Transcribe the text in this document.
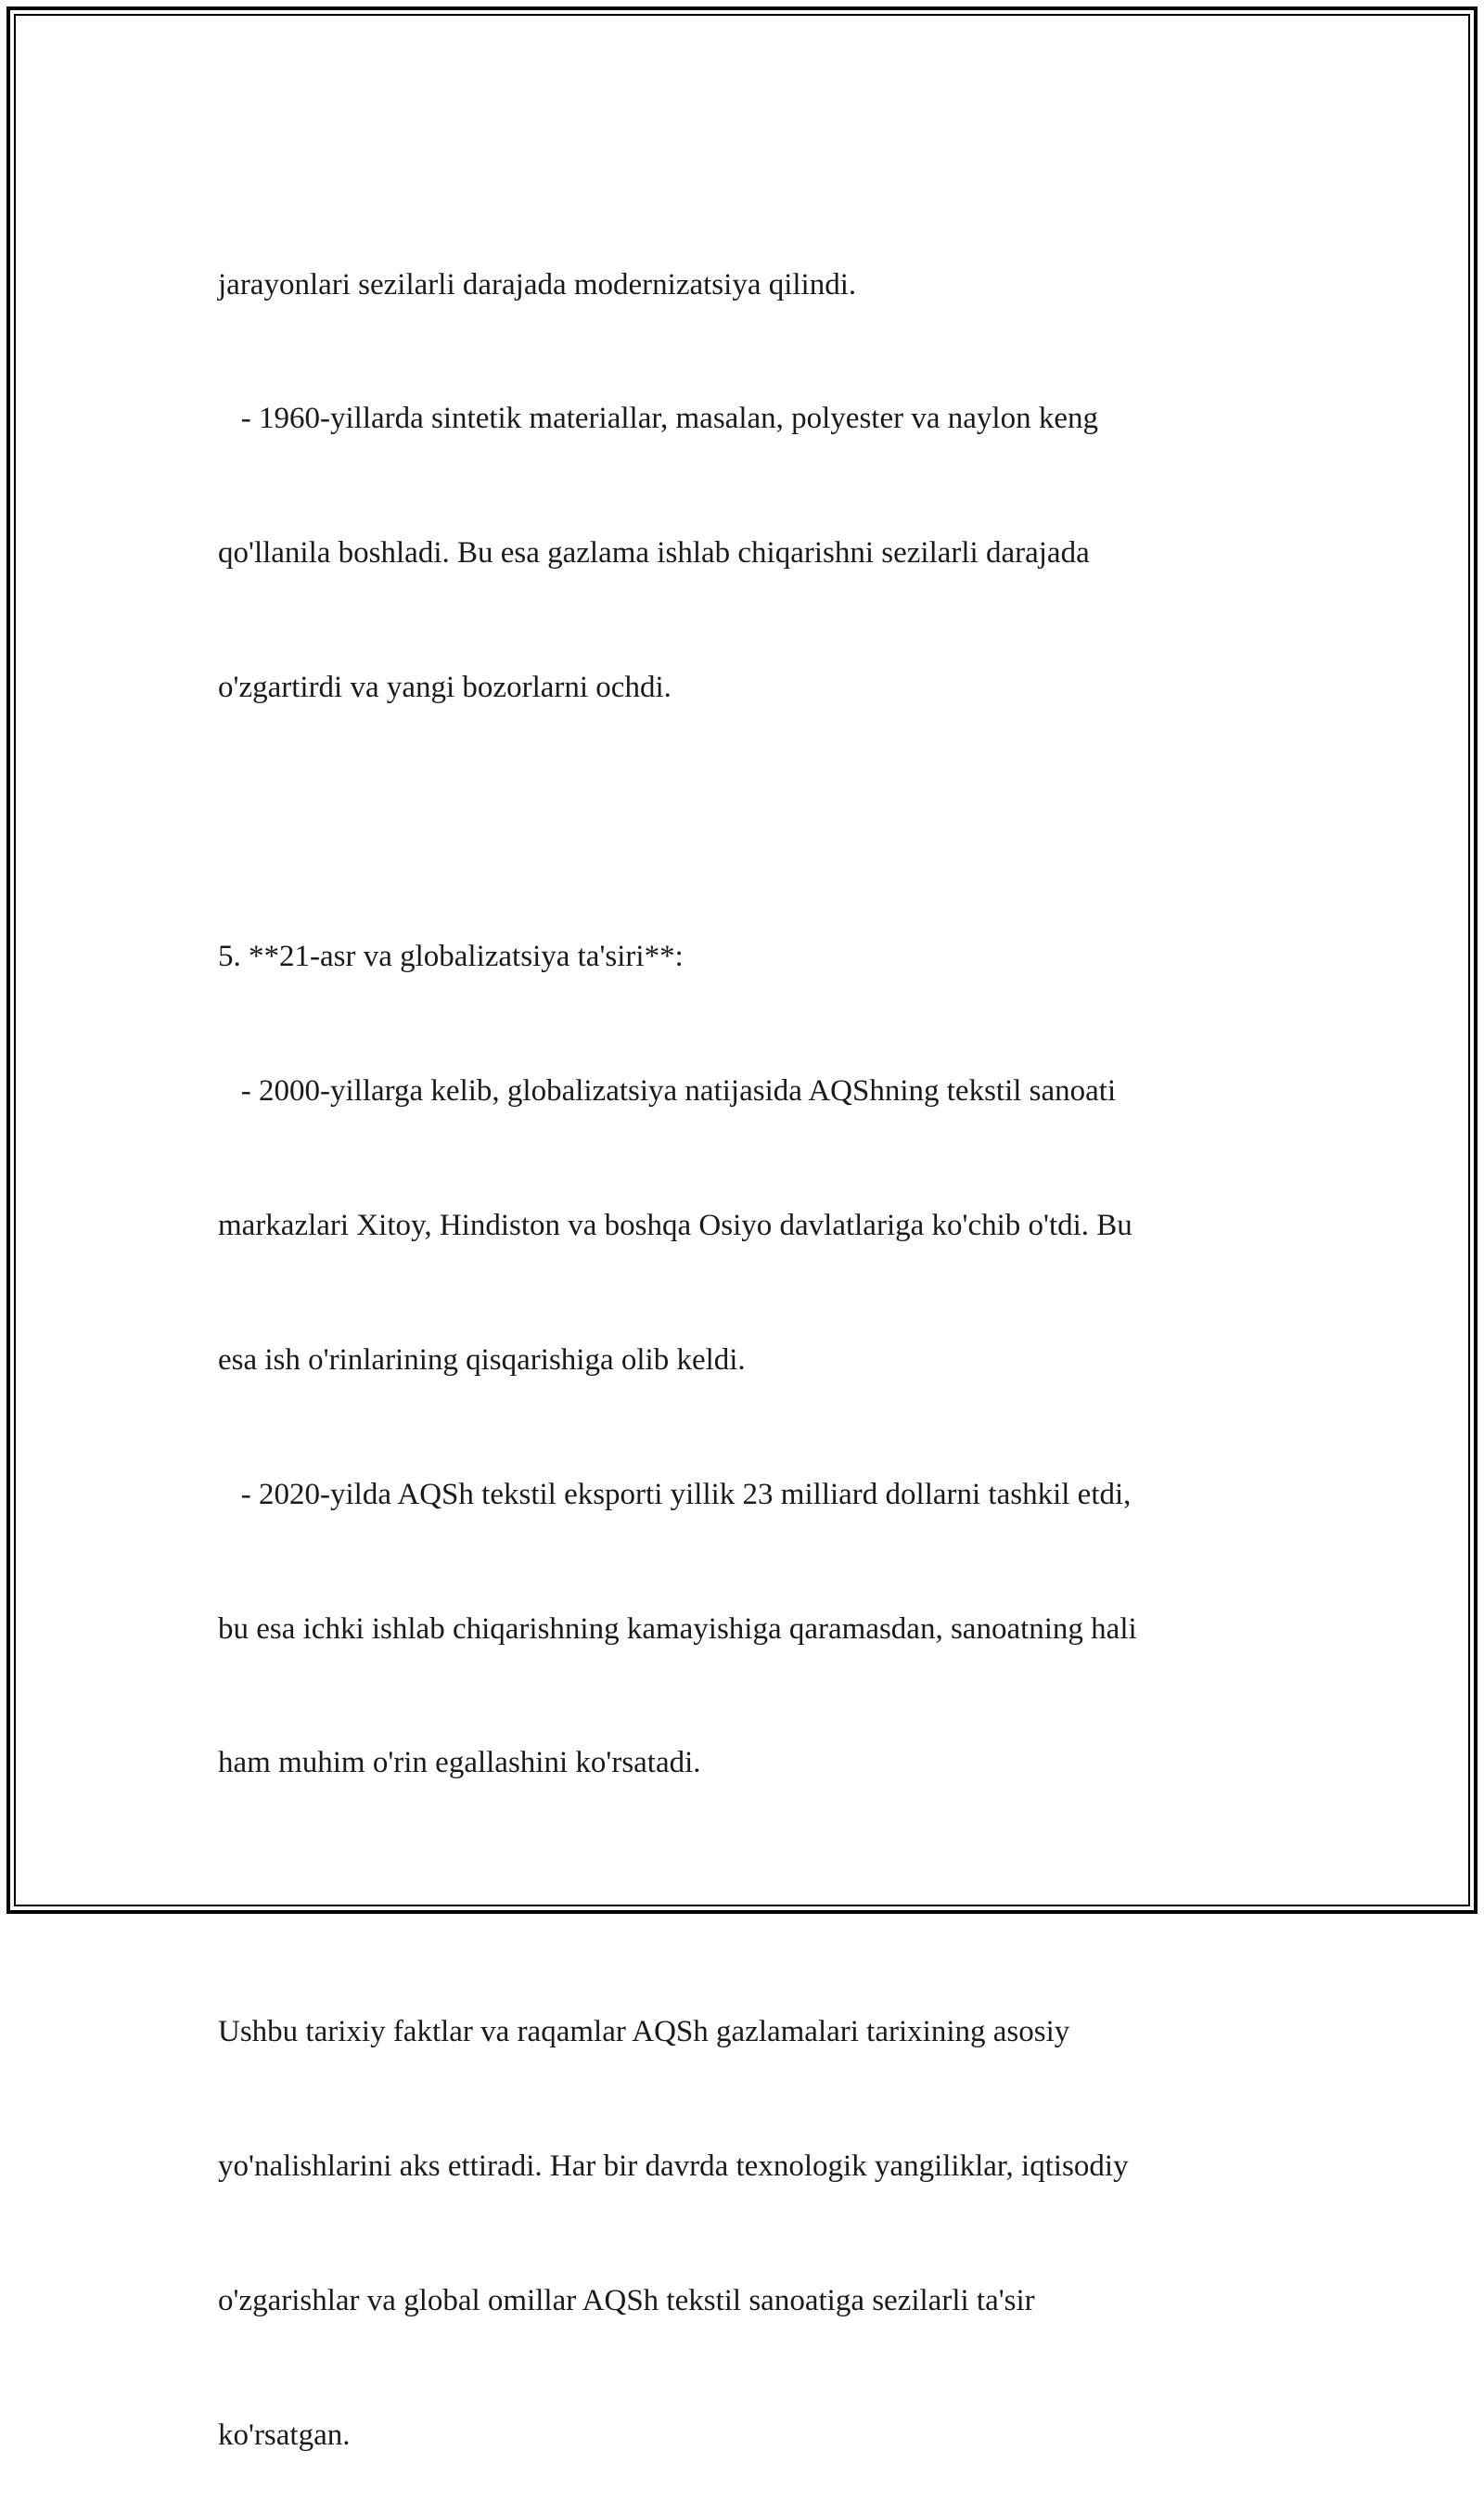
jarayonlari sezilarli darajada modernizatsiya qilindi.

- 1960-yillarda sintetik materiallar, masalan, polyester va naylon keng

qo'llanila boshladi. Bu esa gazlama ishlab chiqarishni sezilarli darajada

o'zgartirdi va yangi bozorlarni ochdi.

5. **21-asr va globalizatsiya ta'siri**:

- 2000-yillarga kelib, globalizatsiya natijasida AQShning tekstil sanoati

markazlari Xitoy, Hindiston va boshqa Osiyo davlatlariga ko'chib o'tdi. Bu

esa ish o'rinlarining qisqarishiga olib keldi.

- 2020-yilda AQSh tekstil eksporti yillik 23 milliard dollarni tashkil etdi,

bu esa ichki ishlab chiqarishning kamayishiga qaramasdan, sanoatning hali

ham muhim o'rin egallashini ko'rsatadi.

Ushbu tarixiy faktlar va raqamlar AQSh gazlamalari tarixining asosiy

yo'nalishlarini aks ettiradi. Har bir davrda texnologik yangiliklar, iqtisodiy

o'zgarishlar va global omillar AQSh tekstil sanoatiga sezilarli ta'sir

ko'rsatgan.
